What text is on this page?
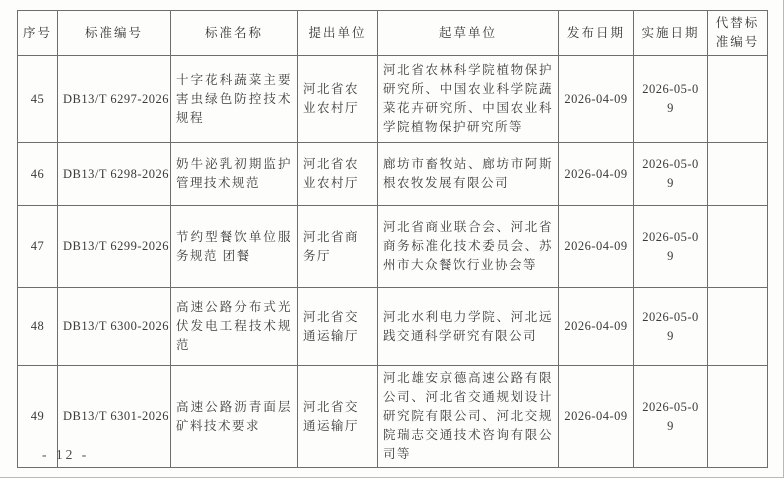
序号	标准编号	标准名称	提出单位	起草单位	发布日期	实施日期	代替标准编号
45	DB13/T 6297-2026	十字花科蔬菜主要害虫绿色防控技术规程	河北省农业农村厅	河北省农林科学院植物保护研究所、中国农业科学院蔬菜花卉研究所、中国农业科学院植物保护研究所等	2026-04-09	2026-05-09	
46	DB13/T 6298-2026	奶牛泌乳初期监护管理技术规范	河北省农业农村厅	廊坊市畜牧站、廊坊市阿斯根农牧发展有限公司	2026-04-09	2026-05-09	
47	DB13/T 6299-2026	节约型餐饮单位服务规范 团餐	河北省商务厅	河北省商业联合会、河北省商务标准化技术委员会、苏州市大众餐饮行业协会等	2026-04-09	2026-05-09	
48	DB13/T 6300-2026	高速公路分布式光伏发电工程技术规范	河北省交通运输厅	河北水利电力学院、河北远践交通科学研究有限公司	2026-04-09	2026-05-09	
49	DB13/T 6301-2026	高速公路沥青面层矿料技术要求	河北省交通运输厅	河北雄安京德高速公路有限公司、河北省交通规划设计研究院有限公司、河北交规院瑞志交通技术咨询有限公司等	2026-04-09	2026-05-09	
- 12 -
